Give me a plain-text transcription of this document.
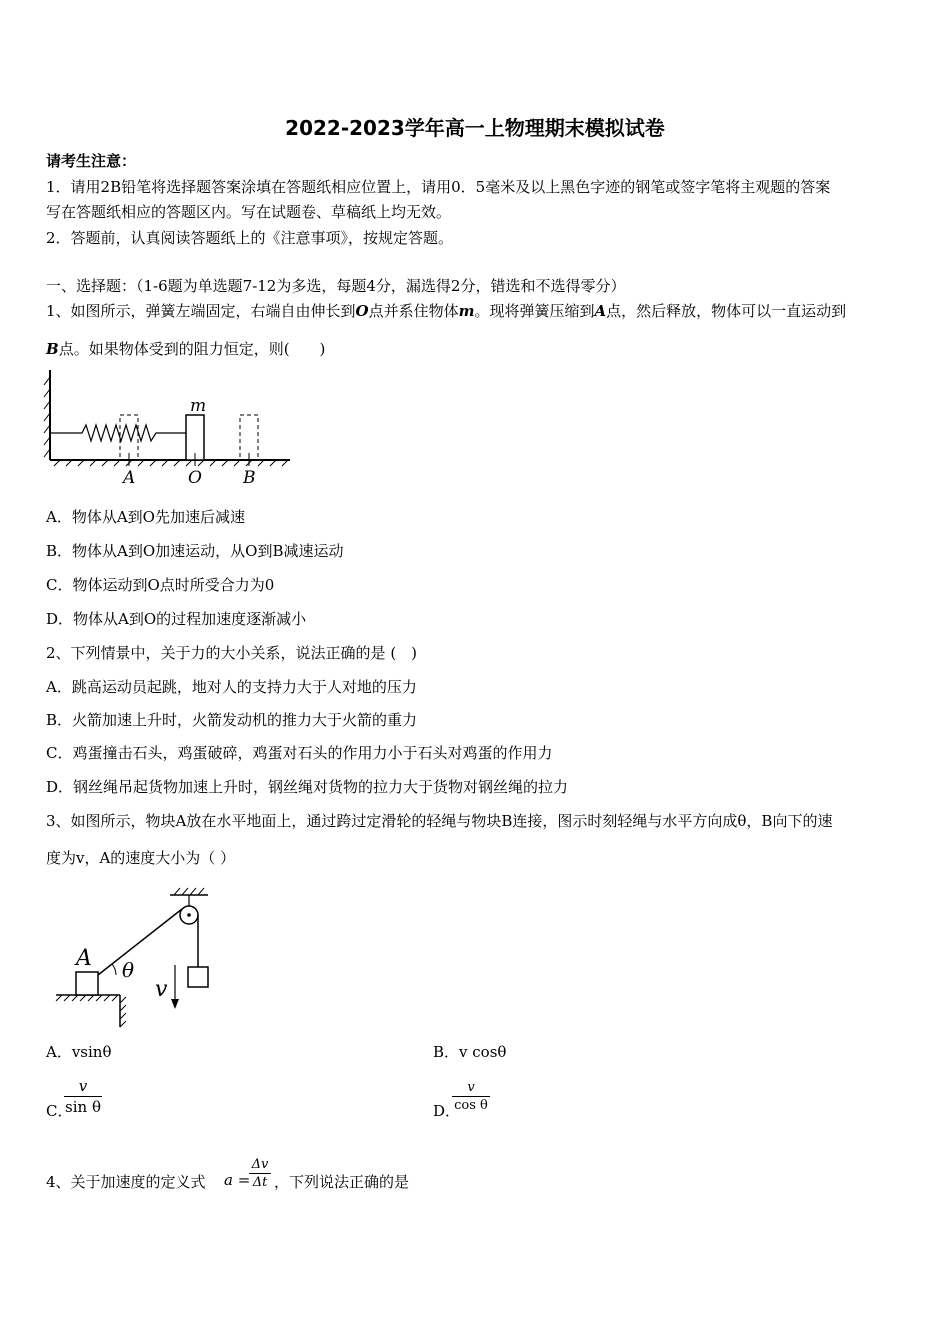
2022-2023学年高一上物理期末模拟试卷
请考生注意：
1．请用2B铅笔将选择题答案涂填在答题纸相应位置上，请用0．5毫米及以上黑色字迹的钢笔或签字笔将主观题的答案
写在答题纸相应的答题区内。写在试题卷、草稿纸上均无效。
2．答题前，认真阅读答题纸上的《注意事项》，按规定答题。
一、选择题：（1-6题为单选题7-12为多选，每题4分，漏选得2分，错选和不选得零分）
1、如图所示，弹簧左端固定，右端自由伸长到O点并系住物体m。现将弹簧压缩到A点，然后释放，物体可以一直运动到
B点。如果物体受到的阻力恒定，则(　　)
m
A	O B
A．物体从A到O先加速后减速
B．物体从A到O加速运动，从O到B减速运动
C．物体运动到O点时所受合力为0
D．物体从A到O的过程加速度逐渐减小
2、下列情景中，关于力的大小关系，说法正确的是 (　)
A．跳高运动员起跳，地对人的支持力大于人对地的压力
B．火箭加速上升时，火箭发动机的推力大于火箭的重力
C．鸡蛋撞击石头，鸡蛋破碎，鸡蛋对石头的作用力小于石头对鸡蛋的作用力
D．钢丝绳吊起货物加速上升时，钢丝绳对货物的拉力大于货物对钢丝绳的拉力
3、如图所示，物块A放在水平地面上，通过跨过定滑轮的轻绳与物块B连接，图示时刻轻绳与水平方向成θ，B向下的速
度为v，A的速度大小为（ ）
A θ
v
A．vsinθ	B．v cosθ
C．
v
sin θ	D．
v
cos θ
4、关于加速度的定义式 a =
Δv
Δt ，下列说法正确的是
